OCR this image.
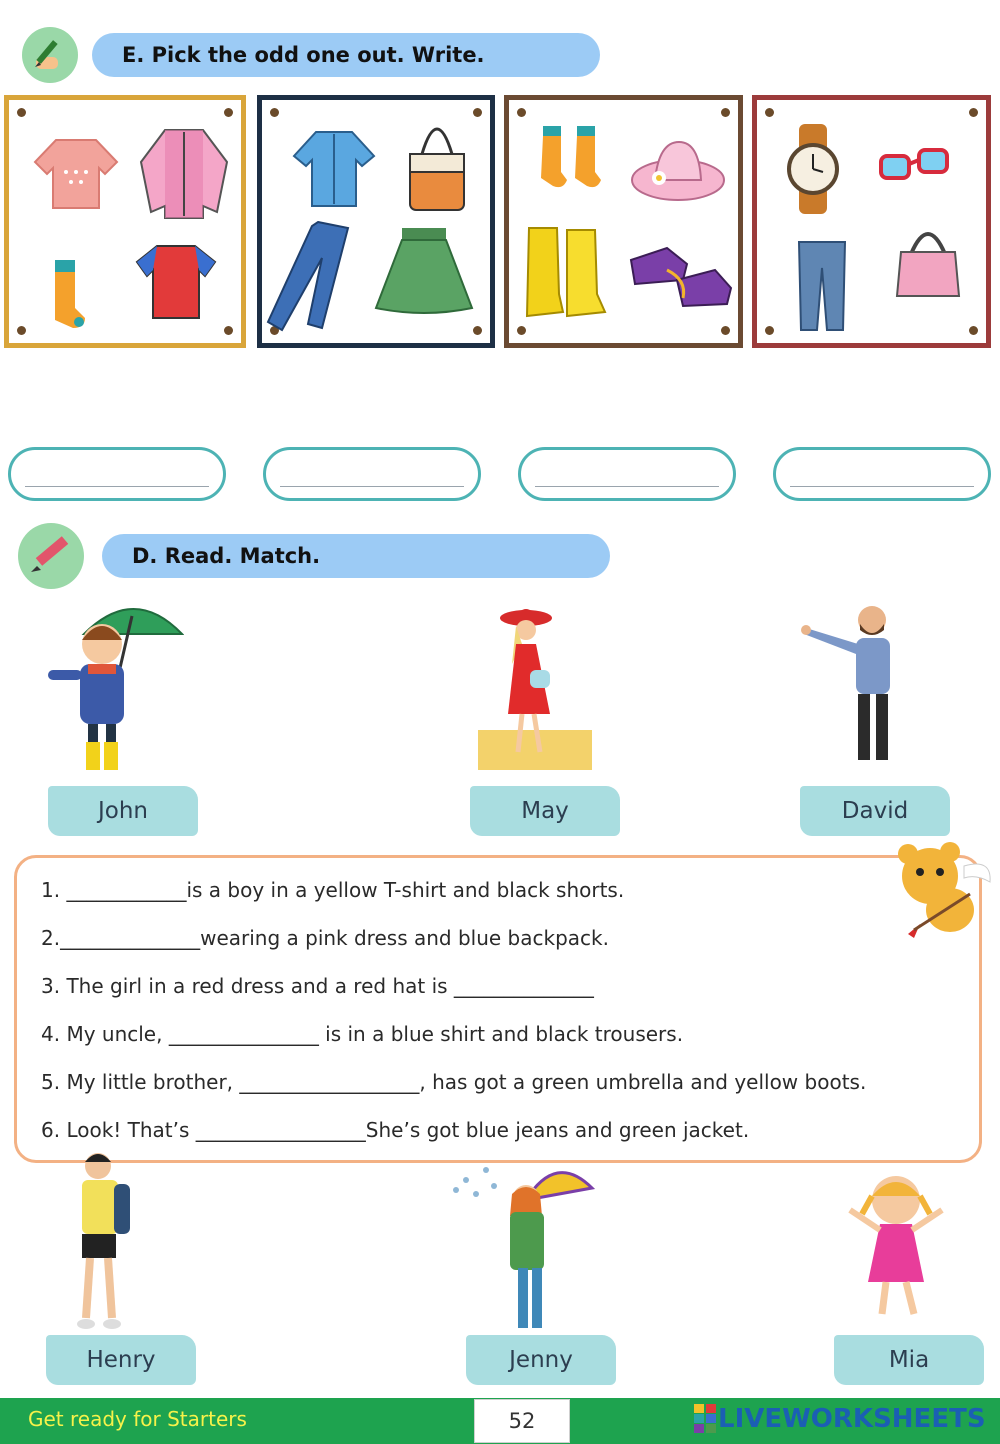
E. Pick the odd one out. Write.
D. Read. Match.
John	May	David
1. ____________is a boy in a yellow T-shirt and black shorts.
2.______________wearing a pink dress and blue backpack.
3. The girl in a red dress and a red hat is ______________
4. My uncle, _______________ is in a blue shirt and black trousers.
5. My little brother, __________________, has got a green umbrella and yellow boots.
6. Look! That’s _________________She’s got blue jeans and green jacket.
Henry	Jenny	Mia
Get ready for Starters	52	LIVEWORKSHEETS
